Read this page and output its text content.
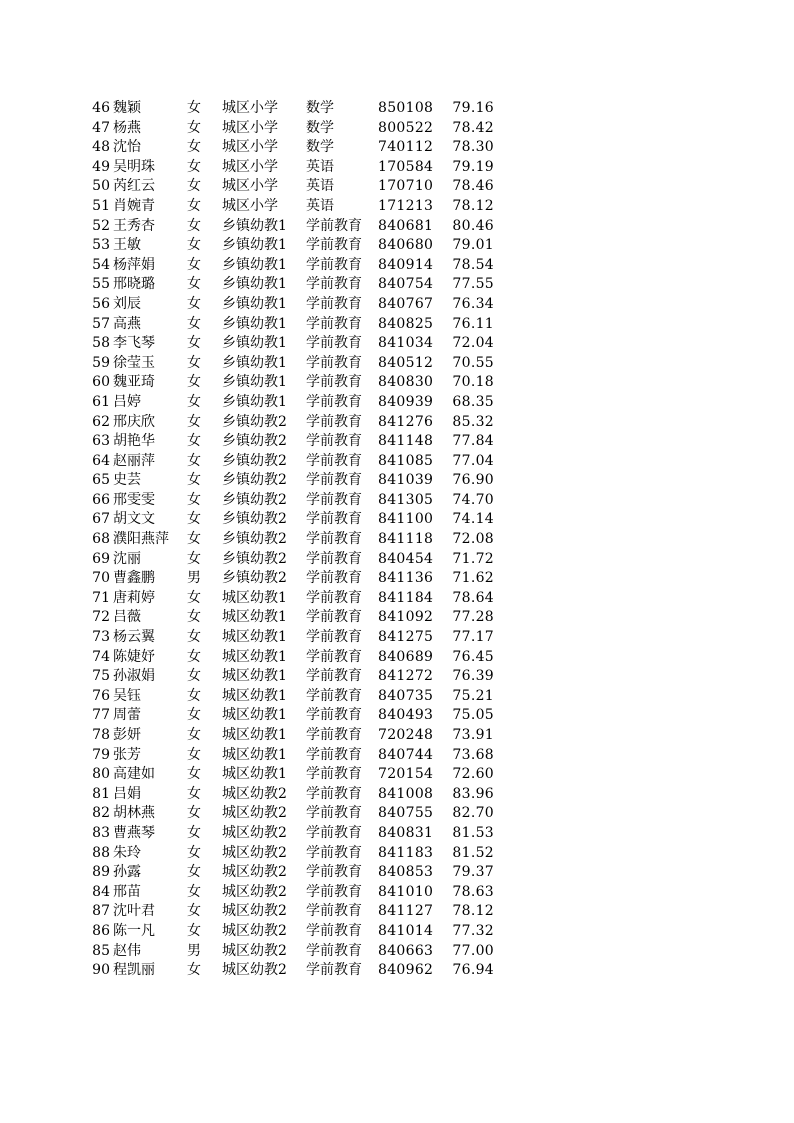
46 魏颖	女	城区小学	数学	850108	79.16
47 杨燕	女	城区小学	数学	800522	78.42
48 沈怡	女	城区小学	数学	740112	78.30
49 吴明珠	女	城区小学	英语	170584	79.19
50 芮红云	女	城区小学	英语	170710	78.46
51 肖婉青	女	城区小学	英语	171213	78.12
52 王秀杏	女	乡镇幼教1	学前教育	840681	80.46
53 王敏	女	乡镇幼教1	学前教育	840680	79.01
54 杨萍娟	女	乡镇幼教1	学前教育	840914	78.54
55 邢晓璐	女	乡镇幼教1	学前教育	840754	77.55
56 刘辰	女	乡镇幼教1	学前教育	840767	76.34
57 高燕	女	乡镇幼教1	学前教育	840825	76.11
58 李飞琴	女	乡镇幼教1	学前教育	841034	72.04
59 徐莹玉	女	乡镇幼教1	学前教育	840512	70.55
60 魏亚琦	女	乡镇幼教1	学前教育	840830	70.18
61 吕婷	女	乡镇幼教1	学前教育	840939	68.35
62 邢庆欣	女	乡镇幼教2	学前教育	841276	85.32
63 胡艳华	女	乡镇幼教2	学前教育	841148	77.84
64 赵丽萍	女	乡镇幼教2	学前教育	841085	77.04
65 史芸	女	乡镇幼教2	学前教育	841039	76.90
66 邢雯雯	女	乡镇幼教2	学前教育	841305	74.70
67 胡文文	女	乡镇幼教2	学前教育	841100	74.14
68 濮阳燕萍	女	乡镇幼教2	学前教育	841118	72.08
69 沈丽	女	乡镇幼教2	学前教育	840454	71.72
70 曹鑫鹏	男	乡镇幼教2	学前教育	841136	71.62
71 唐莉婷	女	城区幼教1	学前教育	841184	78.64
72 吕薇	女	城区幼教1	学前教育	841092	77.28
73 杨云翼	女	城区幼教1	学前教育	841275	77.17
74 陈婕妤	女	城区幼教1	学前教育	840689	76.45
75 孙淑娟	女	城区幼教1	学前教育	841272	76.39
76 吴钰	女	城区幼教1	学前教育	840735	75.21
77 周蕾	女	城区幼教1	学前教育	840493	75.05
78 彭妍	女	城区幼教1	学前教育	720248	73.91
79 张芳	女	城区幼教1	学前教育	840744	73.68
80 高建如	女	城区幼教1	学前教育	720154	72.60
81 吕娟	女	城区幼教2	学前教育	841008	83.96
82 胡林燕	女	城区幼教2	学前教育	840755	82.70
83 曹燕琴	女	城区幼教2	学前教育	840831	81.53
88 朱玲	女	城区幼教2	学前教育	841183	81.52
89 孙露	女	城区幼教2	学前教育	840853	79.37
84 邢苗	女	城区幼教2	学前教育	841010	78.63
87 沈叶君	女	城区幼教2	学前教育	841127	78.12
86 陈一凡	女	城区幼教2	学前教育	841014	77.32
85 赵伟	男	城区幼教2	学前教育	840663	77.00
90 程凯丽	女	城区幼教2	学前教育	840962	76.94
